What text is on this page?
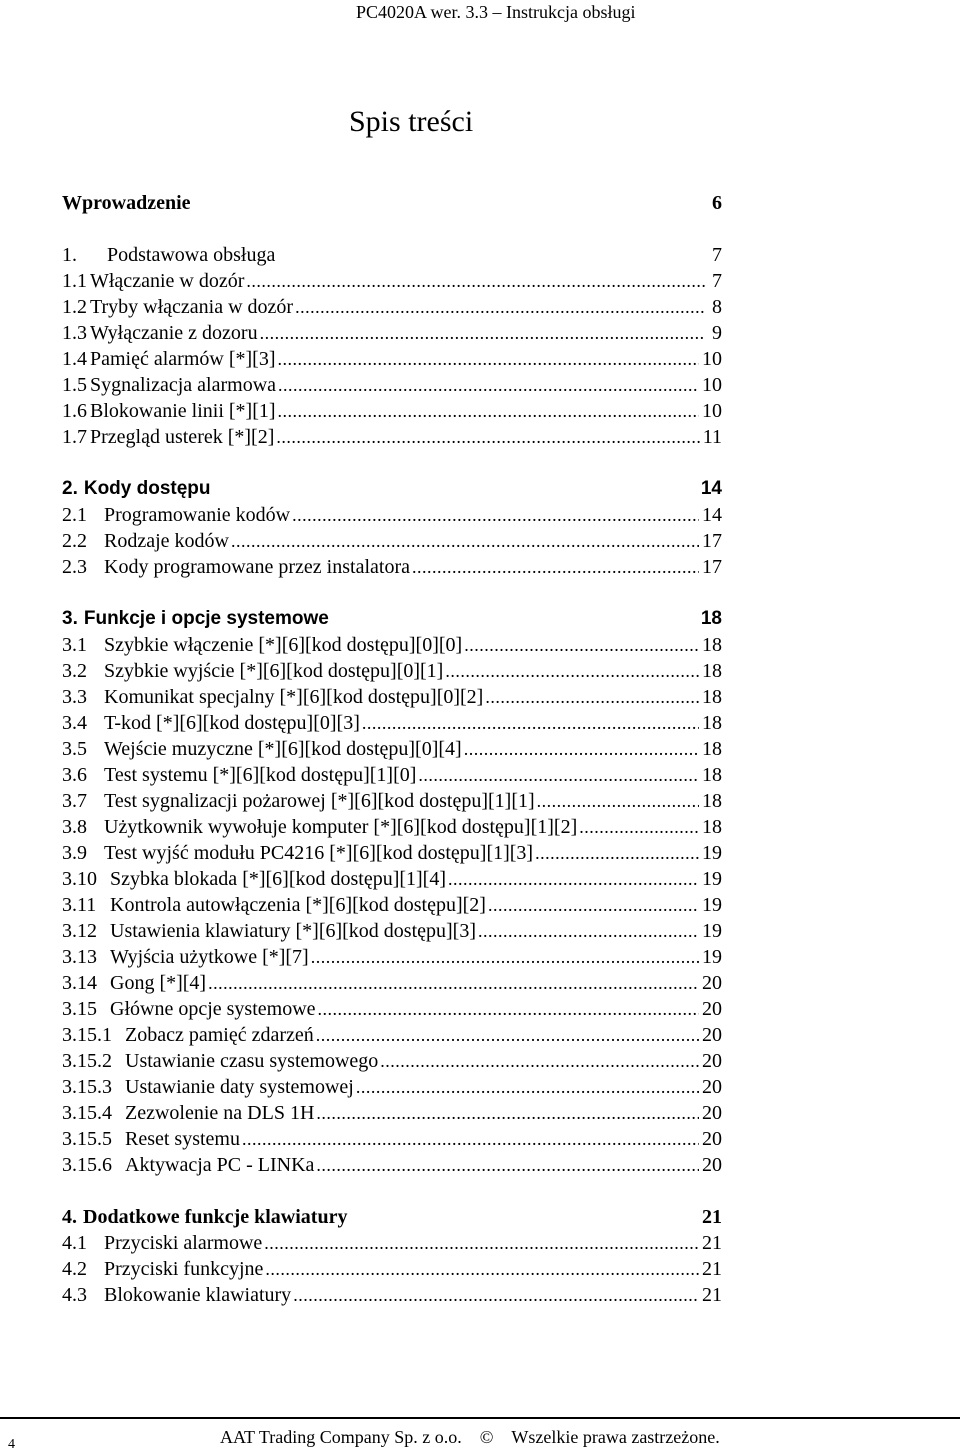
PC4020A wer. 3.3 – Instrukcja obsługi
Spis treści
Wprowadzenie	6
1.	Podstawowa obsługa	7
1.1 Włączanie w dozór .....	7
1.2 Tryby włączania w dozór .....	8
1.3 Wyłączanie z dozoru .....	9
1.4 Pamięć alarmów [*][3] .....	10
1.5 Sygnalizacja alarmowa .....	10
1.6 Blokowanie linii [*][1] .....	10
1.7 Przegląd usterek [*][2] .....	11
2. Kody dostępu	14
2.1 Programowanie kodów .....	14
2.2 Rodzaje kodów .....	17
2.3 Kody programowane przez instalatora .....	17
3. Funkcje i opcje systemowe	18
3.1 Szybkie włączenie [*][6][kod dostępu][0][0] .....	18
3.2 Szybkie wyjście [*][6][kod dostępu][0][1] .....	18
3.3 Komunikat specjalny [*][6][kod dostępu][0][2] .....	18
3.4 T-kod [*][6][kod dostępu][0][3] .....	18
3.5 Wejście muzyczne [*][6][kod dostępu][0][4] .....	18
3.6 Test systemu [*][6][kod dostępu][1][0] .....	18
3.7 Test sygnalizacji pożarowej [*][6][kod dostępu][1][1] .....	18
3.8 Użytkownik wywołuje komputer [*][6][kod dostępu][1][2] .....	18
3.9 Test wyjść modułu PC4216 [*][6][kod dostępu][1][3] .....	19
3.10 Szybka blokada [*][6][kod dostępu][1][4] .....	19
3.11 Kontrola autowłączenia [*][6][kod dostępu][2] .....	19
3.12 Ustawienia klawiatury [*][6][kod dostępu][3] .....	19
3.13 Wyjścia użytkowe [*][7] .....	19
3.14 Gong [*][4] .....	20
3.15 Główne opcje systemowe .....	20
3.15.1 Zobacz pamięć zdarzeń .....	20
3.15.2 Ustawianie czasu systemowego .....	20
3.15.3 Ustawianie daty systemowej .....	20
3.15.4 Zezwolenie na DLS 1H .....	20
3.15.5 Reset systemu .....	20
3.15.6 Aktywacja PC - LINKa .....	20
4. Dodatkowe funkcje klawiatury	21
4.1 Przyciski alarmowe .....	21
4.2 Przyciski funkcyjne .....	21
4.3 Blokowanie klawiatury .....	21
4	AAT Trading Company Sp. z o.o. © Wszelkie prawa zastrzeżone.
